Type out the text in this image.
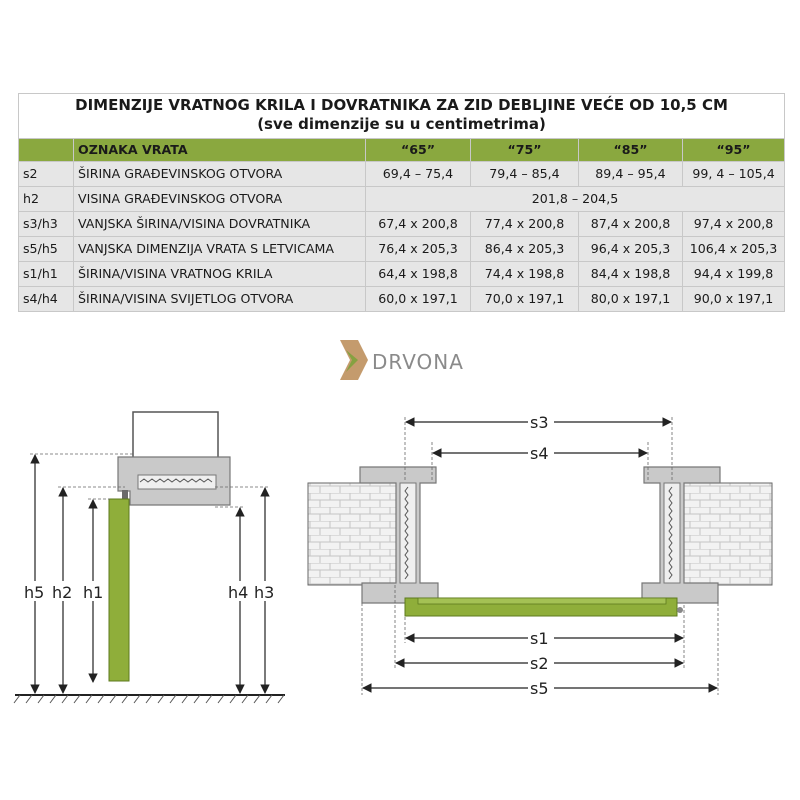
DIMENZIJE VRATNOG KRILA I DOVRATNIKA ZA ZID DEBLJINE VEĆE OD 10,5 CM
(sve dimenzije su u centimetrima)					

	OZNAKA VRATA	“65”	“75”	“85”	“95”
s2	ŠIRINA GRAĐEVINSKOG OTVORA	69,4 – 75,4	79,4 – 85,4	89,4 – 95,4	99, 4 – 105,4
h2	VISINA GRAĐEVINSKOG OTVORA	201,8 – 204,5			
s3/h3	VANJSKA ŠIRINA/VISINA DOVRATNIKA	67,4 x 200,8	77,4 x 200,8	87,4 x 200,8	97,4 x 200,8
s5/h5	VANJSKA DIMENZIJA VRATA S LETVICAMA	76,4 x 205,3	86,4 x 205,3	96,4 x 205,3	106,4 x 205,3
s1/h1	ŠIRINA/VISINA VRATNOG KRILA	64,4 x 198,8	74,4 x 198,8	84,4 x 198,8	94,4 x 199,8
s4/h4	ŠIRINA/VISINA SVIJETLOG OTVORA	60,0 x 197,1	70,0 x 197,1	80,0 x 197,1	90,0 x 197,1
DRVONA
h5 h2 h1	h4 h3
s3
s4
s1
s2
s5
